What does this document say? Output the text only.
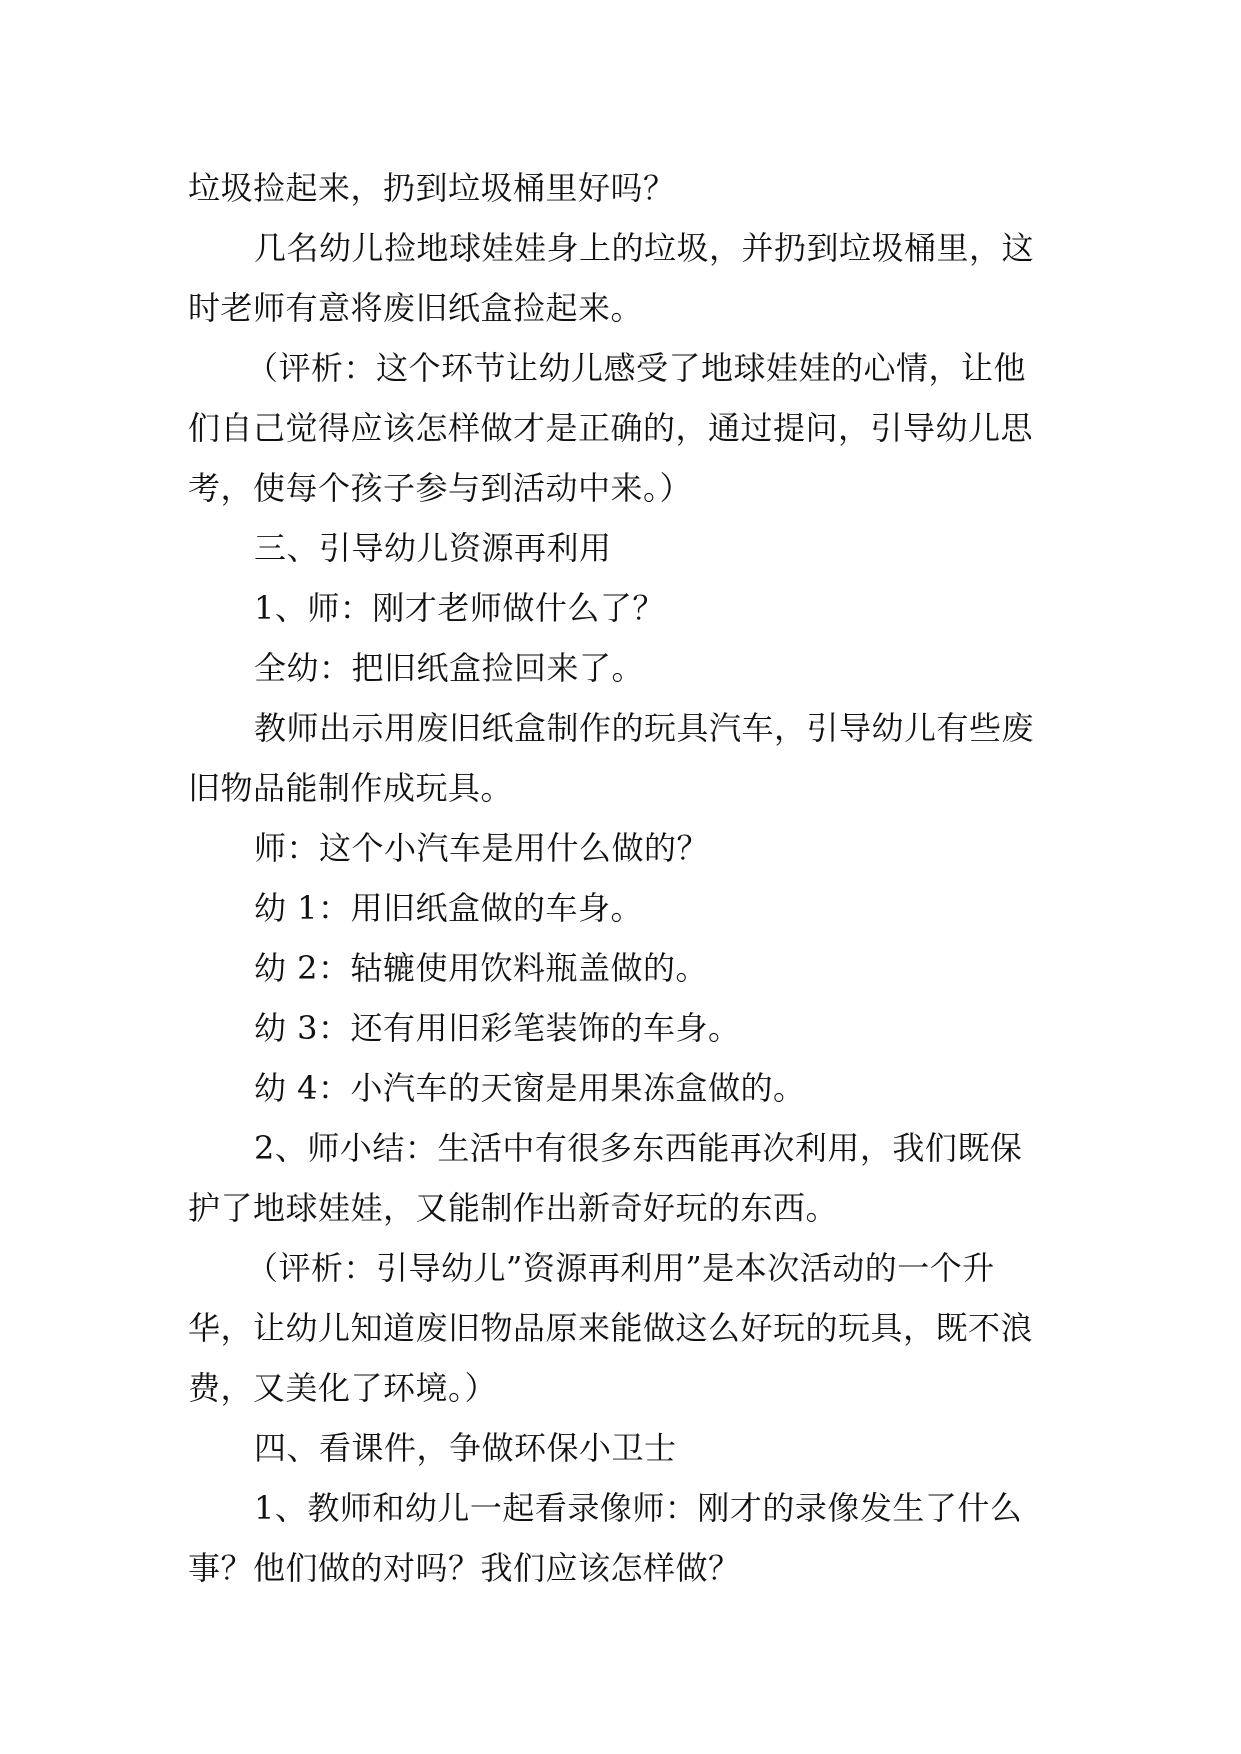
垃圾捡起来，扔到垃圾桶里好吗？
几名幼儿捡地球娃娃身上的垃圾，并扔到垃圾桶里，这
时老师有意将废旧纸盒捡起来。
（评析：这个环节让幼儿感受了地球娃娃的心情，让他
们自己觉得应该怎样做才是正确的，通过提问，引导幼儿思
考，使每个孩子参与到活动中来。）
三、引导幼儿资源再利用
1、师：刚才老师做什么了？
全幼：把旧纸盒捡回来了。
教师出示用废旧纸盒制作的玩具汽车，引导幼儿有些废
旧物品能制作成玩具。
师：这个小汽车是用什么做的？
幼 1：用旧纸盒做的车身。
幼 2：轱辘使用饮料瓶盖做的。
幼 3：还有用旧彩笔装饰的车身。
幼 4：小汽车的天窗是用果冻盒做的。
2、师小结：生活中有很多东西能再次利用，我们既保
护了地球娃娃，又能制作出新奇好玩的东西。
（评析：引导幼儿”资源再利用”是本次活动的一个升
华，让幼儿知道废旧物品原来能做这么好玩的玩具，既不浪
费，又美化了环境。）
四、看课件，争做环保小卫士
1、教师和幼儿一起看录像师：刚才的录像发生了什么
事？他们做的对吗？我们应该怎样做？
